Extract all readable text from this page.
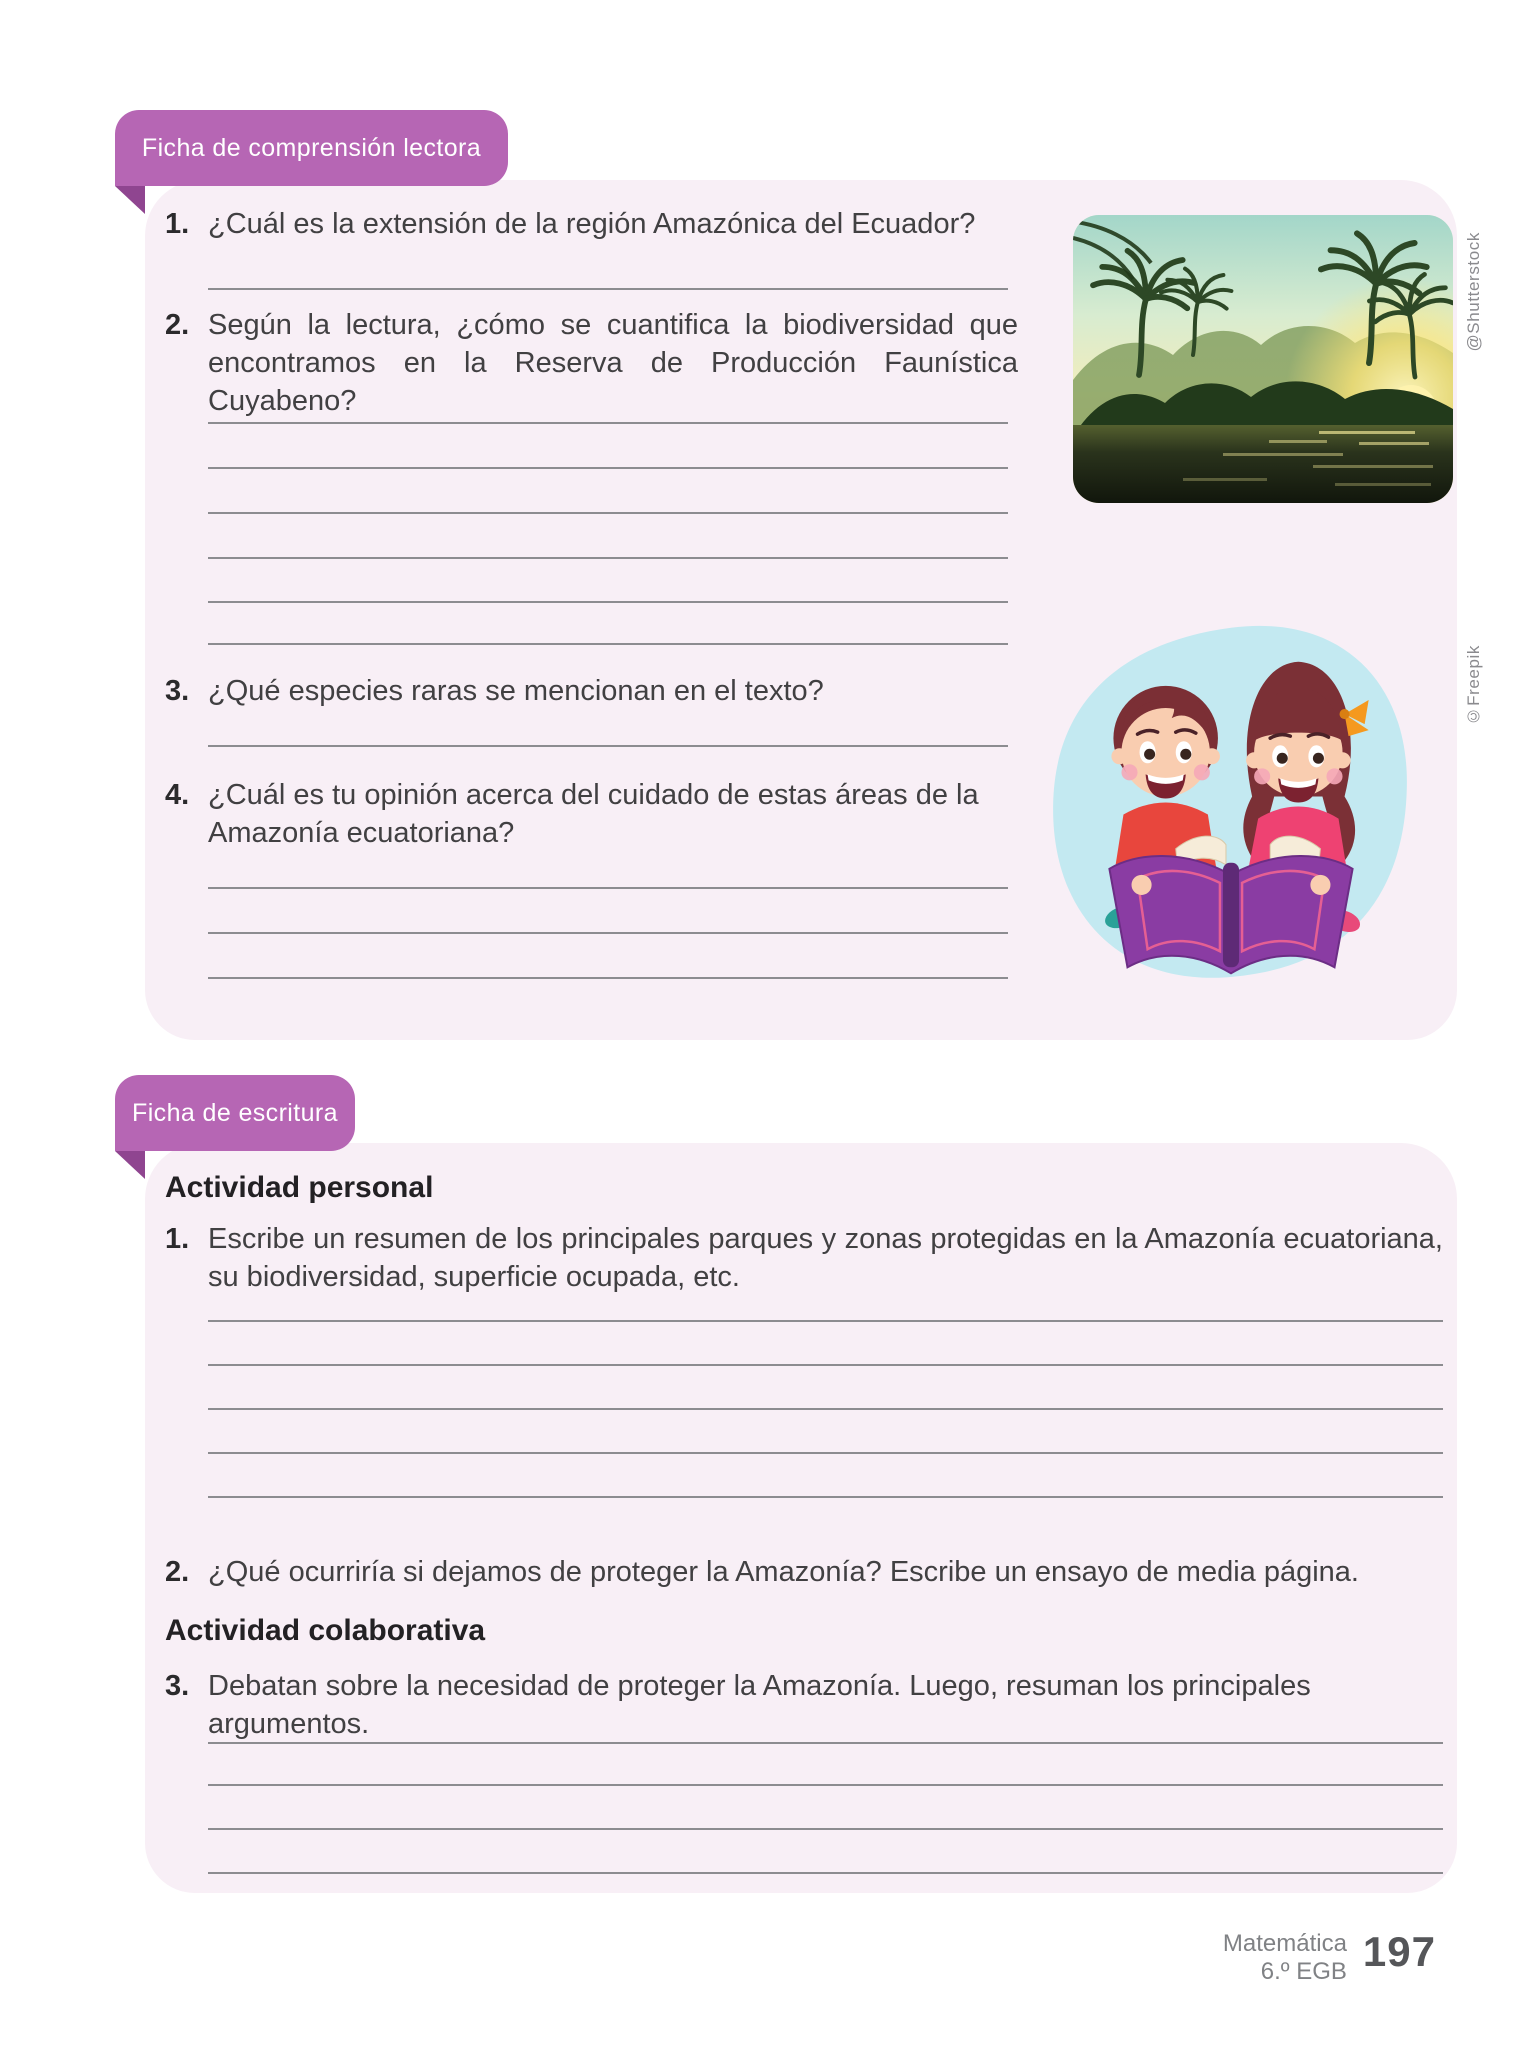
Ficha de comprensión lectora
1. ¿Cuál es la extensión de la región Amazónica del Ecuador?
2. Según la lectura, ¿cómo se cuantifica la biodiversidad que encontramos en la Reserva de Producción Faunística Cuyabeno?
3. ¿Qué especies raras se mencionan en el texto?
4. ¿Cuál es tu opinión acerca del cuidado de estas áreas de la Amazonía ecuatoriana?
@Shutterstock
©Freepik
Ficha de escritura
Actividad personal
1. Escribe un resumen de los principales parques y zonas protegidas en la Amazonía ecuatoriana, su biodiversidad, superficie ocupada, etc.
2. ¿Qué ocurriría si dejamos de proteger la Amazonía? Escribe un ensayo de media página.
Actividad colaborativa
3. Debatan sobre la necesidad de proteger la Amazonía. Luego, resuman los principales argumentos.
Matemática
6.º EGB 197
